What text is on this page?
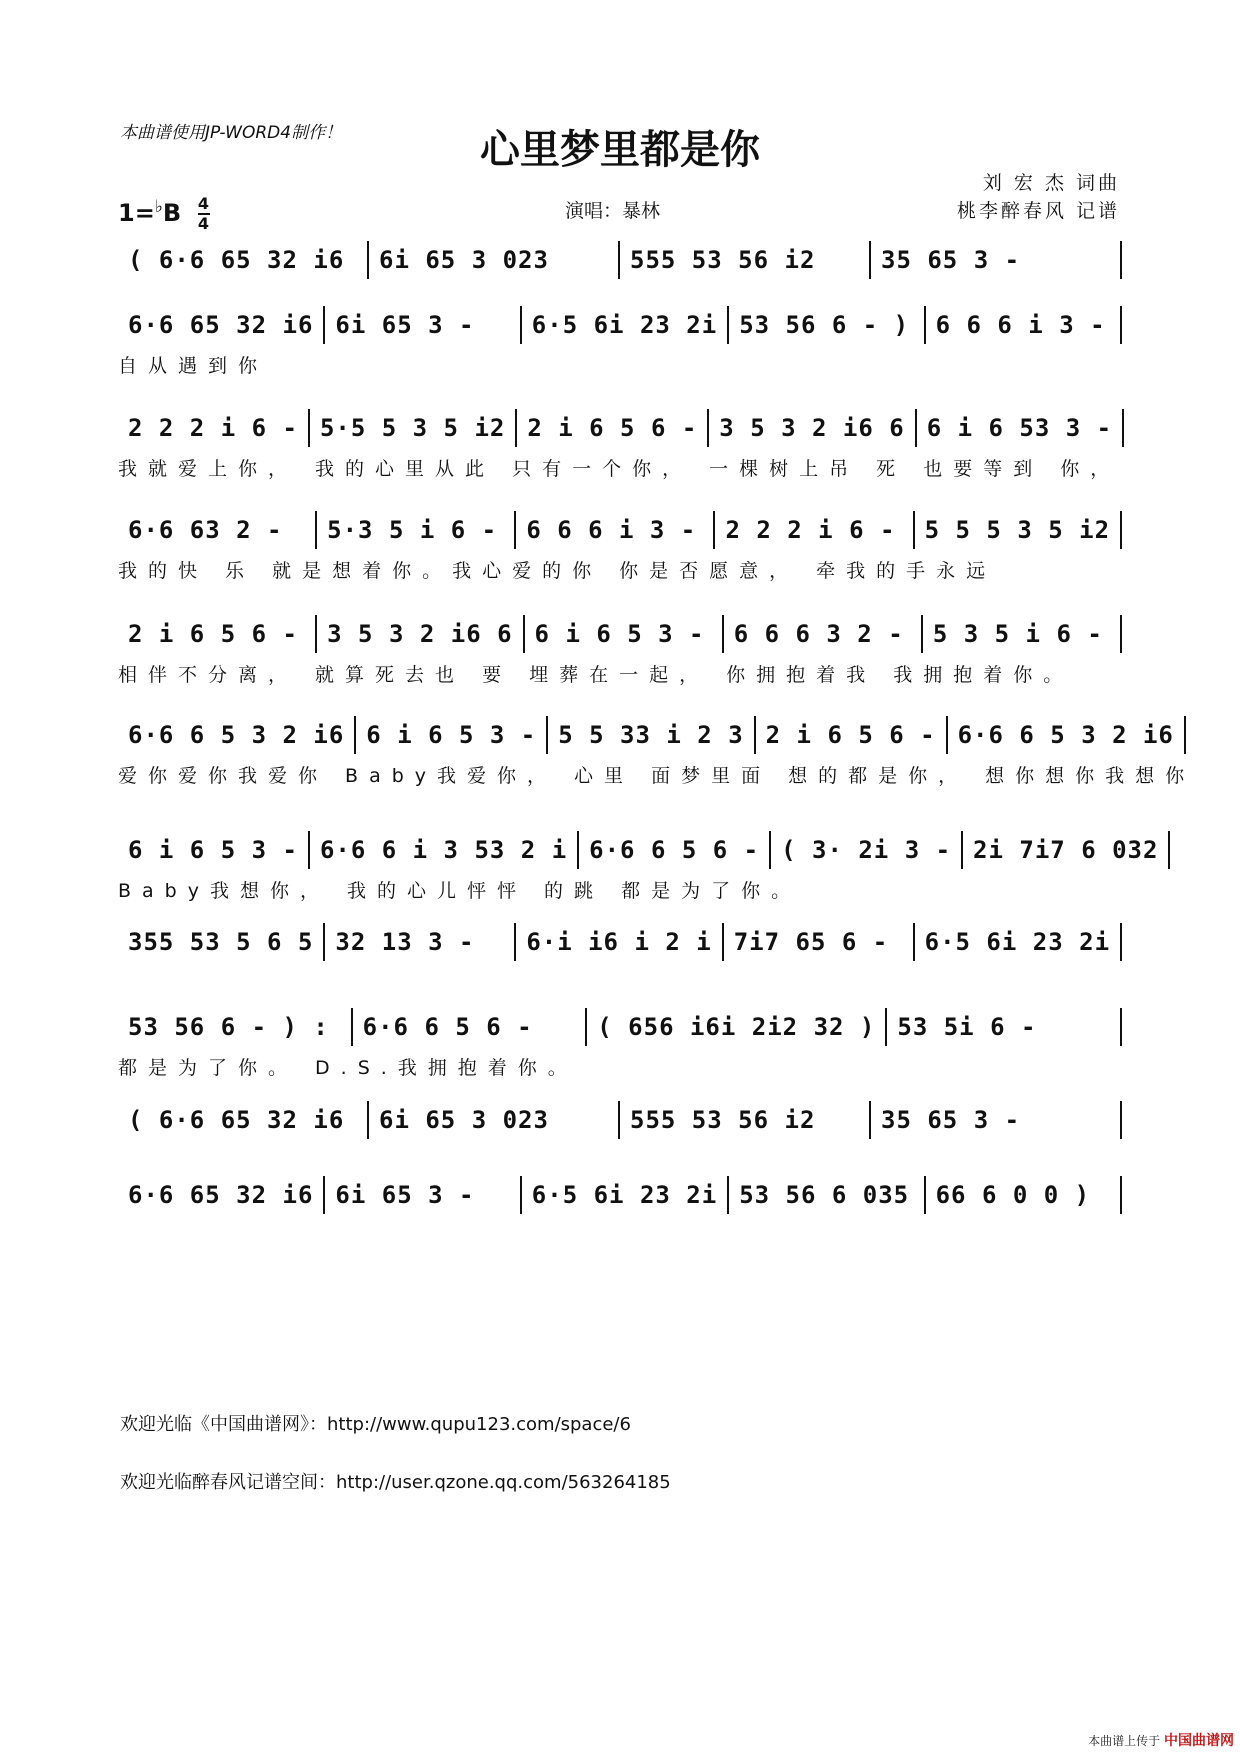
本曲谱使用JP-WORD4制作！	心里梦里都是你
$1=^♭B \frac{4}{4}$	演唱：暴林
刘 宏 杰 词曲
桃李醉春风 记谱
( 6·6 65 32 i6	6i 65 3 023	555 53 56 i2	35 65 3 -
6·6 65 32 i6 6i 65 3 -	6·5 6i 23 2i 53 56 6 - )	6 6 6 i 3 -
自从遇到你
2 2 2 i 6 - 5·5 5 3 5 i2 2 i 6 5 6 - 3 5 3 2 i6 6 6 i 6 53 3 -
我就爱上你， 我的心里从此 只有一个你， 一棵树上吊 死 也要等到 你，
6·6 63 2 -	5·3 5 i 6 -	6 6 6 i 3 -	2 2 2 i 6 -	5 5 5 3 5 i2
我的快 乐 就是想着你。我心爱的你 你是否愿意， 牵我的手永远
2 i 6 5 6 -	3 5 3 2 i6 6 6 i 6 5 3 -	6 6 6 3 2 -	5 3 5 i 6 -
相伴不分离， 就算死去也 要 埋葬在一起， 你拥抱着我 我拥抱着你。
6·6 6 5 3 2 i6 6 i 6 5 3 - 5 5 33 i 2 3 2 i 6 5 6 - 6·6 6 5 3 2 i6
爱你爱你我爱你 Baby我爱你， 心里 面梦里面 想的都是你， 想你想你我想你
6 i 6 5 3 - 6·6 6 i 3 53 2 i 6·6 6 5 6 - ( 3· 2i 3 - 2i 7i7 6 032
Baby我想你， 我的心儿怦怦 的跳 都是为了你。
355 53 5 6 5 32 13 3 -	6·i i6 i 2 i 7i7 65 6 -	6·5 6i 23 2i
53 56 6 - ) :	6·6 6 5 6 -	( 656 i6i 2i2 32 ) 53 5i 6 -
都是为了你。 D.S.我拥抱着你。
( 6·6 65 32 i6	6i 65 3 023	555 53 56 i2	35 65 3 -
6·6 65 32 i6 6i 65 3 -	6·5 6i 23 2i 53 56 6 035	66 6 0 0 )
欢迎光临《中国曲谱网》：http://www.qupu123.com/space/6
欢迎光临醉春风记谱空间：http://user.qzone.qq.com/563264185
本曲谱上传于 中国曲谱网
